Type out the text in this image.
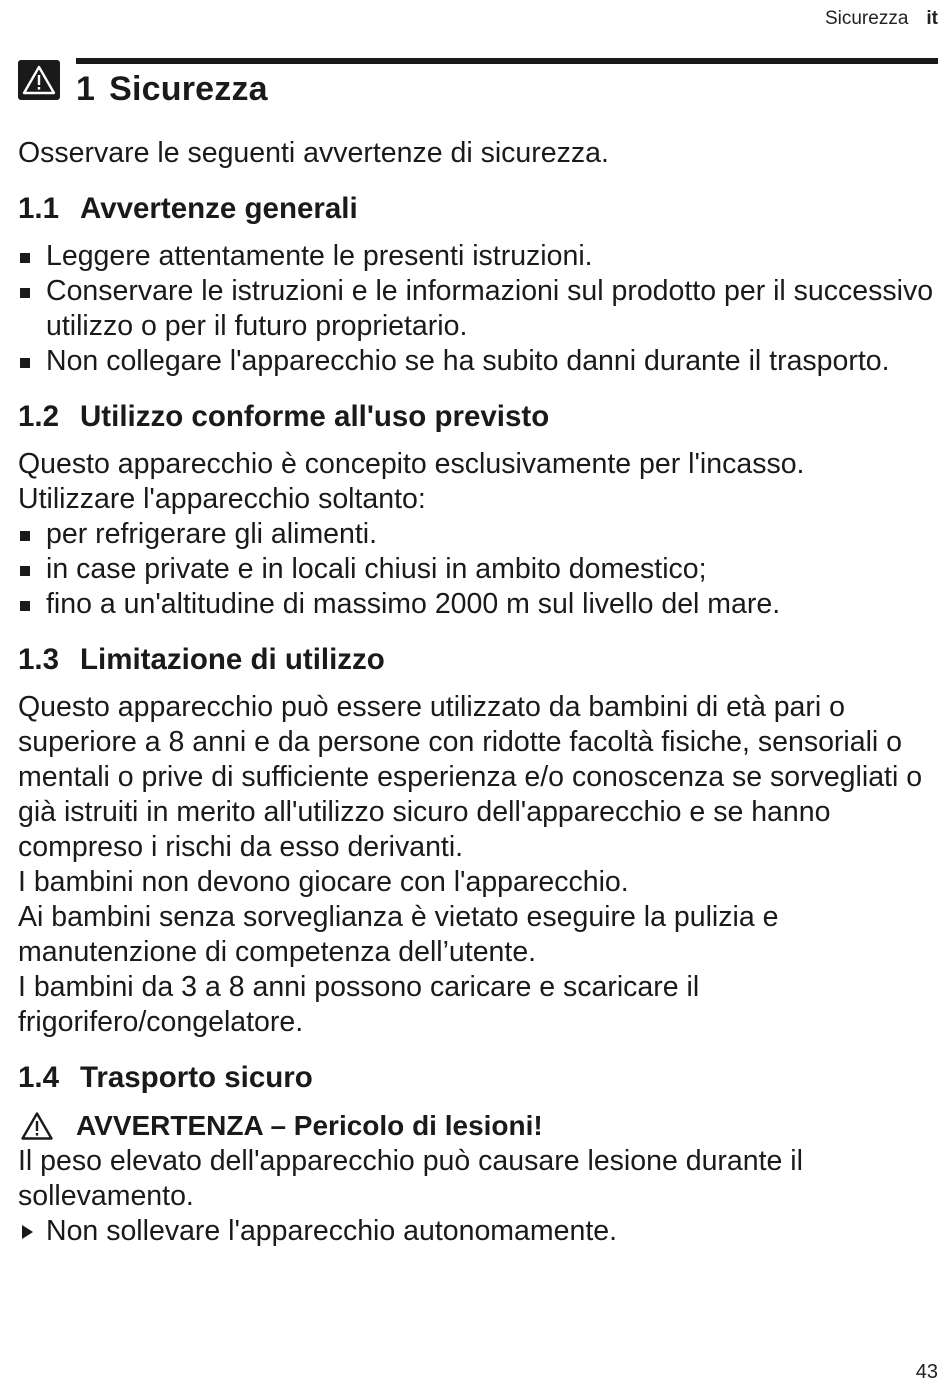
Sicurezza it
1 Sicurezza

Osservare le seguenti avvertenze di sicurezza.

1.1 Avvertenze generali
Leggere attentamente le presenti istruzioni.
Conservare le istruzioni e le informazioni sul prodotto per il successivo utilizzo o per il futuro proprietario.
Non collegare l'apparecchio se ha subito danni durante il trasporto.
1.2 Utilizzo conforme all'uso previsto

Questo apparecchio è concepito esclusivamente per l'incasso.

Utilizzare l'apparecchio soltanto:

per refrigerare gli alimenti.
in case private e in locali chiusi in ambito domestico;
fino a un'altitudine di massimo 2000 m sul livello del mare.
1.3 Limitazione di utilizzo

Questo apparecchio può essere utilizzato da bambini di età pari o superiore a 8 anni e da persone con ridotte facoltà fisiche, sensoriali o mentali o prive di sufficiente esperienza e/o conoscenza se sorvegliati o già istruiti in merito all'utilizzo sicuro dell'apparecchio e se hanno compreso i rischi da esso derivanti.

I bambini non devono giocare con l'apparecchio.

Ai bambini senza sorveglianza è vietato eseguire la pulizia e manutenzione di competenza dell’utente.

I bambini da 3 a 8 anni possono caricare e scaricare il frigorifero/congelatore.

1.4 Trasporto sicuro
AVVERTENZA – Pericolo di lesioni!

Il peso elevato dell'apparecchio può causare lesione durante il sollevamento.

Non sollevare l'apparecchio autonomamente.

43
